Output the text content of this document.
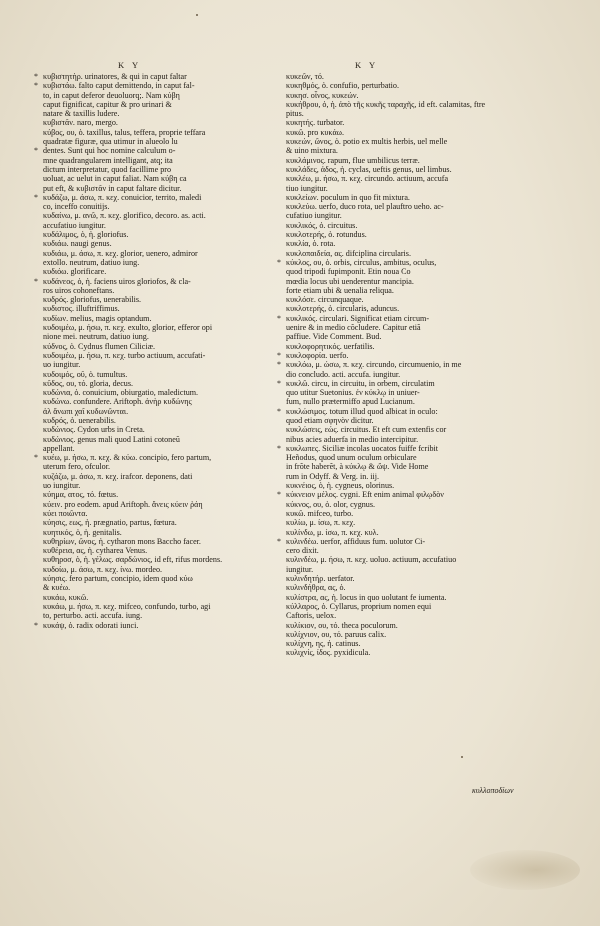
K Y	K Y
* κυβιστητὴρ. urinatores, & qui in caput faltar
* κυβιστάω. falto caput demittendo, in caput fal-
to, in caput deferor deuoluorq;. Nam κύβη
caput fignificat, capitur & pro urinari &
natare & taxillis ludere.
κυβιστᾶν. naro, mergo.
κύβος, ου, ὁ. taxillus, talus, teffera, proprie teffara
quadratæ figuræ, qua utimur in alueolo lu
* dentes. Sunt qui hoc nomine calculum o-
mne quadrangularem intelligant, atq; ita
dictum interpretatur, quod facillime pro
uoluat, ac uelut in caput faliat. Nam κύβη ca
put eft, & κυβιστᾶν in caput faltare dicitur.
* κυδάζω, μ. άσω, π. κεχ. conuicior, territo, maledi
co, inceffo conuitijs.
κυδαίνω, μ. ανῶ, π. κεχ. glorifico, decoro. as. acti.
accufatiuo iungitur.
κυδάλιμος, ὁ, ἡ. gloriofus.
κυδιάω. naugi genus.
κυδιάω, μ. άσω, π. κεχ. glorior, uenero, admiror
extollo. neutrum, datiuo iung.
κυδιόω. glorificare.
* κυδάνεος, ὁ, ἡ. faciens uiros gloriofos, & cla-
ros uiros cohoneftans.
κυδρός. gloriofus, uenerabilis.
κυδιστος. illuftriffimus.
κυδίων. melius, magis optandum.
κυδοιμέω, μ. ήσω, π. κεχ. exulto, glorior, efferor opi
nione mei. neutrum, datiuo iung.
κύδνος, ὁ. Cydnus flumen Ciliciæ.
κυδοιμέω, μ. ήσω, π. κεχ. turbo actiuum, accufati-
uo iungitur.
κυδοιμός, οῦ, ὁ. tumultus.
κῦδος, ου, τό. gloria, decus.
κυδώνια, ὁ. conuicium, obiurgatio, maledictum.
κυδώνω. confundere. Ariftoph. ἀνὴρ κυδώνης
ἀλ ἄνωπι χαῖ κυδωνῶνται.
κυδρός, ὁ. uenerabilis.
κυδώνιος. Cydon urbs in Creta.
κυδώνιος. genus mali quod Latini cotoneũ
appellant.
* κυέω, μ. ήσω, π. κεχ. & κύω. concipio, fero partum,
uterum fero, ofculor.
κυζάζω, μ. άσω, π. κεχ. irafcor. deponens, dati
uo iungitur.
κύημα, ατος, τό. fœtus.
κύειν. pro eodem. apud Ariftoph. ἄνεις κύειν ῥάη
κύει ποιῶντα.
κύησις, εως, ἡ. prægnatio, partus, fœtura.
κυητικός, ὁ, ἡ. genitalis.
κυθηρίων, ῶνος, ἡ. cytharon mons Baccho facer.
κυθέρεια, ας, ἡ. cytharea Venus.
κυθηροσ, ὁ, ἡ. γέλως. σαρδώνιος, id eft, rifus mordens.
κυδοίω, μ. άσω, π. κεχ. ίνω. mordeo.
κύησις. fero partum, concipio, idem quod κύω
& κυέω.
κυκάω, κυκῶ.
κυκάω, μ. ήσω, π. κεχ. mifceo, confundo, turbo, agi
to, perturbo. acti. accufa. iung.
* κυκάψ, ὁ. radix odorati iunci.
κυκεῶν, τό.
κυκηθμός, ὁ. confufio, perturbatio.
κυκησ. οἶνος, κυκεών.
κυκήθρου, ὁ, ἡ. ἀπὸ τῆς κυκῆς ταραχῆς, id eft. calamitas, ftre
pitus.
κυκητής. turbator.
κυκῶ. pro κυκάω.
κυκεών, ῶνος, ὁ. potio ex multis herbis, uel melle
& uino mixtura.
κυκλάμινος. rapum, flue umbilicus terræ.
κυκλάδες, ἀδος, ἡ. cyclas, ueftis genus, uel limbus.
κυκλέω, μ. ήσω, π. κεχ. circundo. actiuum, accufa
tiuo iungitur.
κυκλείων. poculum in quo fit mixtura.
κυκλεύω. uerfo, duco rota, uel plauftro ueho. ac-
cufatiuo iungitur.
κυκλικός, ὁ. circuitus.
κυκλοτερής, ὁ. rotundus.
κυκλία, ὁ. rota.
κυκλοπαιδεία, ας. difciplina circularis.
* κύκλος, ου, ὁ. orbis, circulus, ambitus, oculus,
quod tripodi fupimponit. Etin noua Co
mœdia locus ubi uenderentur mancipia.
forte etiam ubi & uenalia reliqua.
κυκλόσε. circunquaque.
κυκλοτερής, ὁ. circularis, aduncus.
* κυκλικός. circulari. Significat etiam circum-
uenire & in medio cõcludere. Capitur etiã
paffiue. Vide Comment. Bud.
κυκλοφορητικός. uerfatilis.
* κυκλοφορία. uerfo.
* κυκλόω, μ. ώσω, π. κεχ. circundo, circumuenio, in me
dio concludo. acti. accufa. iungitur.
* κυκλῶ. circu, in circuitu, in orbem, circulatim
quo utitur Suetonius. ἐν κύκλῳ in uniuer-
fum, nullo prætermiffo apud Lucianum.
* κυκλώσιμος. totum illud quod albicat in oculo:
quod etiam σφηνὸν dicitur.
κυκλώσεις, εώς. circuitus. Et eft cum extenfis cor
nibus acies aduerfa in medio intercipitur.
* κυκλωπες. Siciliæ incolas uocatos fuiffe fcribit
Heñodus, quod unum oculum orbiculare
in frõte haberẽt, à κύκλῳ & ὤψ. Vide Home
rum in Odyff. & Verg. in. iij.
κυκνέιος, ὁ, ἡ. cygneus, olorinus.
* κύκνειον μέλος. cygni. Eft enim animal φιλῳδὸν
κύκνος, ου, ὁ. olor, cygnus.
κυκῶ. mifceo, turbo.
κυλίω, μ. ίσω, π. κεχ.
κυλίνδω, μ. ίσω, π. κεχ. κυλ.
* κυλινδέω. uerfor, affiduus fum. uolutor Ci-
cero dixit.
κυλινδέω, μ. ήσω, π. κεχ. uoluo. actiuum, accufatiuo
iungitur.
κυλινδητήρ. uerfator.
κυλινδήθρα, ας, ὁ.
κυλίστρα, ας, ἡ. locus in quo uolutant fe iumenta.
κύλλαρος, ὁ. Cyllarus, proprium nomen equi
Caftoris, uelox.
κυλίκιον, ου, τό. theca poculorum.
κυλίχνιον, ου, τό. paruus calix.
κυλίχνη, ης, ἡ. catinus.
κυλιχνίς, ίδος. pyxidicula.
κυλλοποδίων
